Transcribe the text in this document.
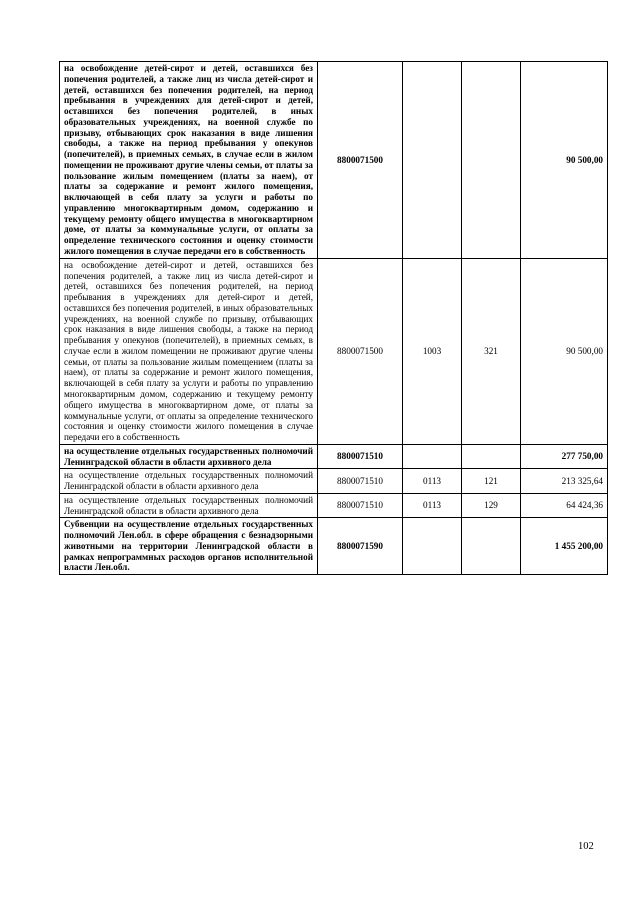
на освобождение детей-сирот и детей, оставшихся без попечения родителей, а также лиц из числа детей-сирот и детей, оставшихся без попечения родителей, на период пребывания в учреждениях для детей-сирот и детей, оставшихся без попечения родителей, в иных образовательных учреждениях, на военной службе по призыву, отбывающих срок наказания в виде лишения свободы, а также на период пребывания у опекунов (попечителей), в приемных семьях, в случае если в жилом помещении не проживают другие члены семьи, от платы за пользование жилым помещением (платы за наем), от платы за содержание и ремонт жилого помещения, включающей в себя плату за услуги и работы по управлению многоквартирным домом, содержанию и текущему ремонту общего имущества в многоквартирном доме, от платы за коммунальные услуги, от оплаты за определение технического состояния и оценку стоимости жилого помещения в случае передачи его в собственность	8800071500			90 500,00
на освобождение детей-сирот и детей, оставшихся без попечения родителей, а также лиц из числа детей-сирот и детей, оставшихся без попечения родителей, на период пребывания в учреждениях для детей-сирот и детей, оставшихся без попечения родителей, в иных образовательных учреждениях, на военной службе по призыву, отбывающих срок наказания в виде лишения свободы, а также на период пребывания у опекунов (попечителей), в приемных семьях, в случае если в жилом помещении не проживают другие члены семьи, от платы за пользование жилым помещением (платы за наем), от платы за содержание и ремонт жилого помещения, включающей в себя плату за услуги и работы по управлению многоквартирным домом, содержанию и текущему ремонту общего имущества в многоквартирном доме, от платы за коммунальные услуги, от оплаты за определение технического состояния и оценку стоимости жилого помещения в случае передачи его в собственность	8800071500	1003	321	90 500,00
на осуществление отдельных государственных полномочий Ленинградской области в области архивного дела	8800071510			277 750,00
на осуществление отдельных государственных полномочий Ленинградской области в области архивного дела	8800071510	0113	121	213 325,64
на осуществление отдельных государственных полномочий Ленинградской области в области архивного дела	8800071510	0113	129	64 424,36
Субвенции на осуществление отдельных государственных полномочий Лен.обл. в сфере обращения с безнадзорными животными на территории Ленинградской области в рамках непрограммных расходов органов исполнительной власти Лен.обл.	8800071590			1 455 200,00
102
